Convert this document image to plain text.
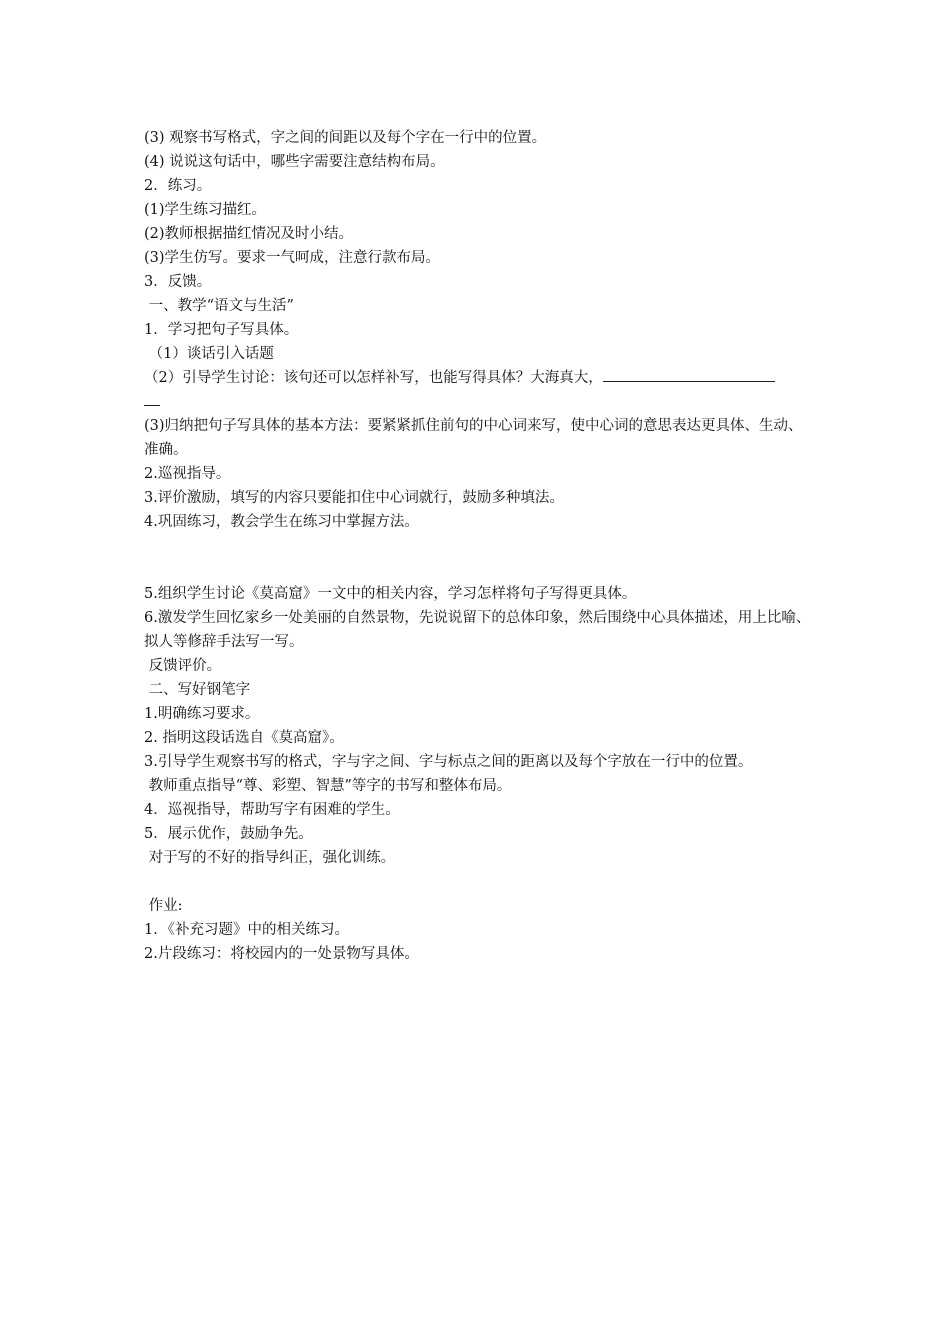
(3) 观察书写格式，字之间的间距以及每个字在一行中的位置。

(4) 说说这句话中，哪些字需要注意结构布局。

2．练习。

(1)学生练习描红。

(2)教师根据描红情况及时小结。

(3)学生仿写。要求一气呵成，注意行款布局。

3．反馈。

一、教学“语文与生活”

1．学习把句子写具体。

（1）谈话引入话题

（2）引导学生讨论：该句还可以怎样补写，也能写得具体？大海真大，

(3)归纳把句子写具体的基本方法：要紧紧抓住前句的中心词来写，使中心词的意思表达更具体、生动、准确。

2.巡视指导。

3.评价激励，填写的内容只要能扣住中心词就行，鼓励多种填法。

4.巩固练习，教会学生在练习中掌握方法。

5.组织学生讨论《莫高窟》一文中的相关内容，学习怎样将句子写得更具体。

6.激发学生回忆家乡一处美丽的自然景物，先说说留下的总体印象，然后围绕中心具体描述，用上比喻、拟人等修辞手法写一写。

反馈评价。

二、写好钢笔字

1.明确练习要求。

2. 指明这段话选自《莫高窟》。

3.引导学生观察书写的格式，字与字之间、字与标点之间的距离以及每个字放在一行中的位置。

教师重点指导“尊、彩塑、智慧”等字的书写和整体布局。

4．巡视指导，帮助写字有困难的学生。

5．展示优作，鼓励争先。

对于写的不好的指导纠正，强化训练。

作业:

1．《补充习题》中的相关练习。

2.片段练习：将校园内的一处景物写具体。
